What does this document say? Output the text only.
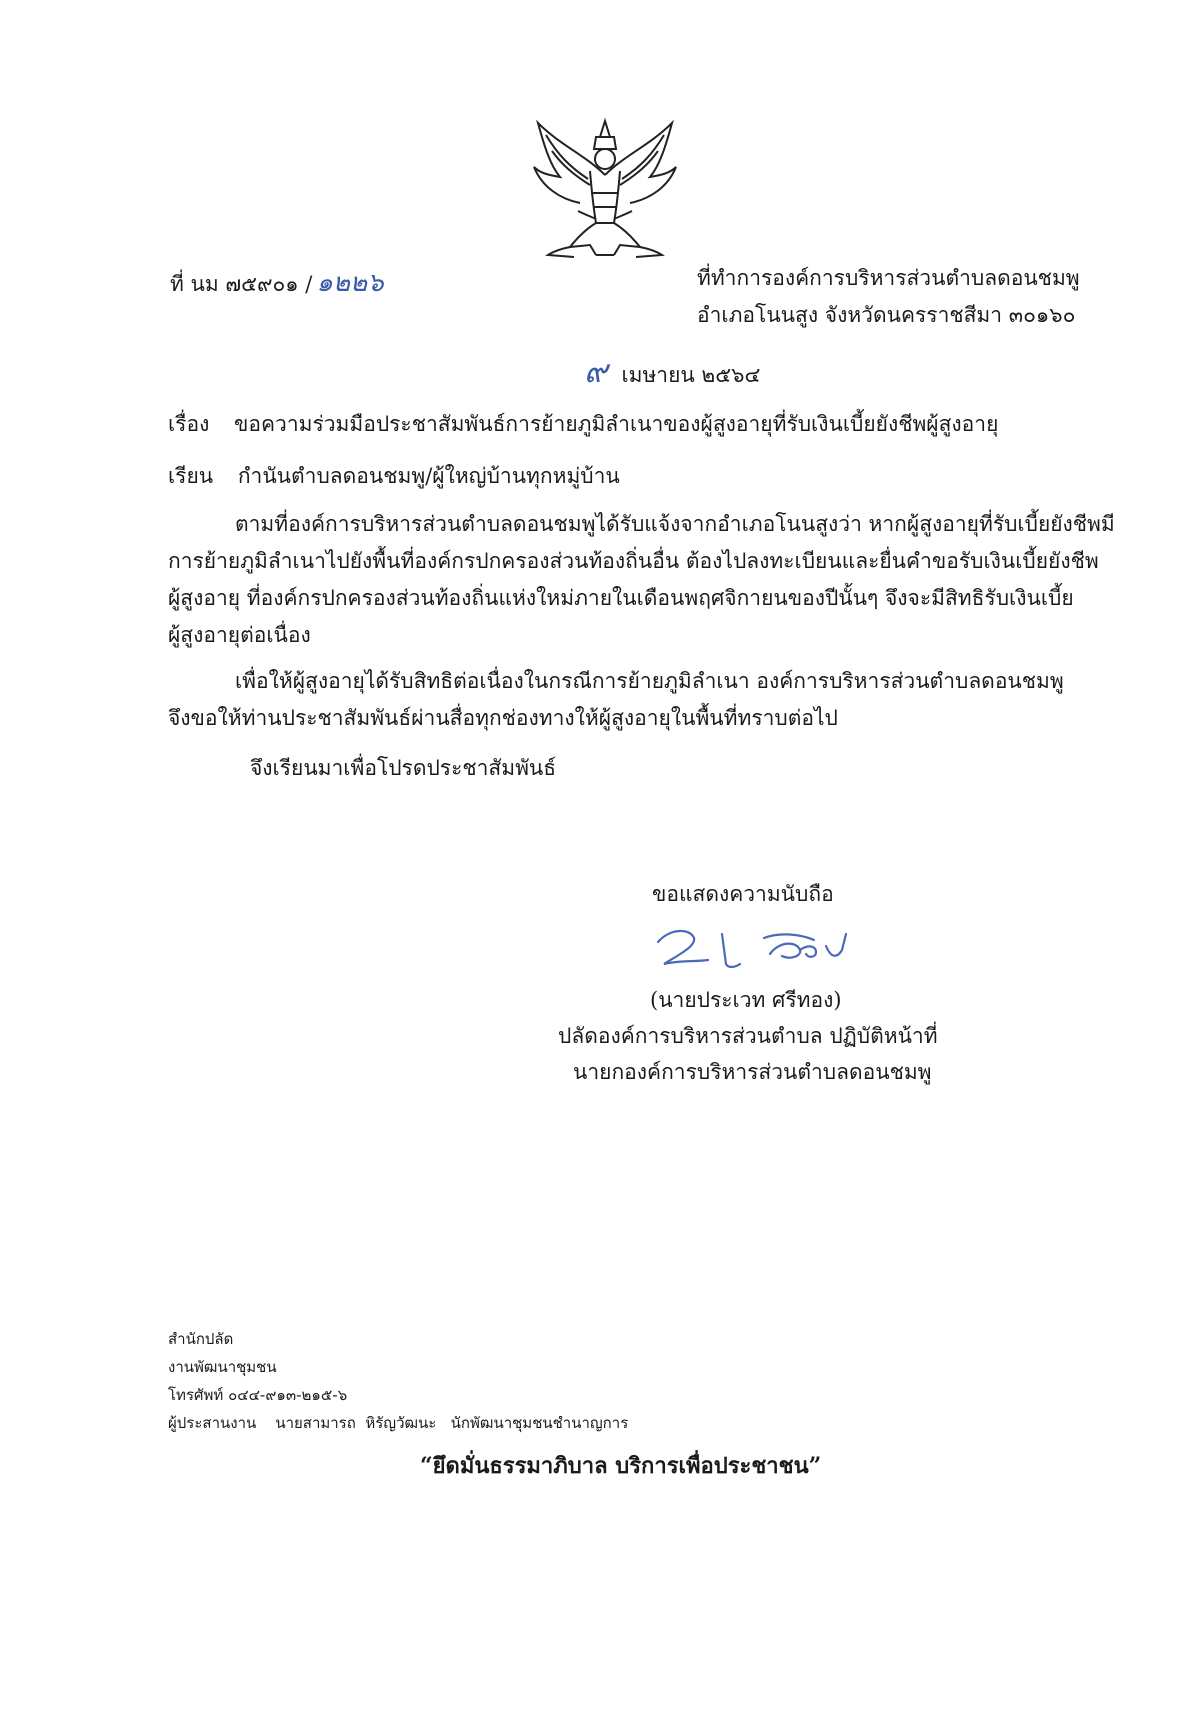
ที่ นม ๗๕๙๐๑ / ๑๒๒๖	ที่ทำการองค์การบริหารส่วนตำบลดอนชมพู
อำเภอโนนสูง จังหวัดนครราชสีมา ๓๐๑๖๐
๙ เมษายน ๒๕๖๔
เรื่อง ขอความร่วมมือประชาสัมพันธ์การย้ายภูมิลำเนาของผู้สูงอายุที่รับเงินเบี้ยยังชีพผู้สูงอายุ
เรียน กำนันตำบลดอนชมพู/ผู้ใหญ่บ้านทุกหมู่บ้าน
ตามที่องค์การบริหารส่วนตำบลดอนชมพูได้รับแจ้งจากอำเภอโนนสูงว่า หากผู้สูงอายุที่รับเบี้ยยังชีพมี
การย้ายภูมิลำเนาไปยังพื้นที่องค์กรปกครองส่วนท้องถิ่นอื่น ต้องไปลงทะเบียนและยื่นคำขอรับเงินเบี้ยยังชีพ
ผู้สูงอายุ ที่องค์กรปกครองส่วนท้องถิ่นแห่งใหม่ภายในเดือนพฤศจิกายนของปีนั้นๆ จึงจะมีสิทธิรับเงินเบี้ย
ผู้สูงอายุต่อเนื่อง
เพื่อให้ผู้สูงอายุได้รับสิทธิต่อเนื่องในกรณีการย้ายภูมิลำเนา องค์การบริหารส่วนตำบลดอนชมพู
จึงขอให้ท่านประชาสัมพันธ์ผ่านสื่อทุกช่องทางให้ผู้สูงอายุในพื้นที่ทราบต่อไป
จึงเรียนมาเพื่อโปรดประชาสัมพันธ์
ขอแสดงความนับถือ
(นายประเวท ศรีทอง)
ปลัดองค์การบริหารส่วนตำบล ปฏิบัติหน้าที่
นายกองค์การบริหารส่วนตำบลดอนชมพู
สำนักปลัด
งานพัฒนาชุมชน
โทรศัพท์ ๐๔๔-๙๑๓-๒๑๕-๖
ผู้ประสานงาน    นายสามารถ  หิรัญวัฒนะ   นักพัฒนาชุมชนชำนาญการ
“ยึดมั่นธรรมาภิบาล บริการเพื่อประชาชน”
